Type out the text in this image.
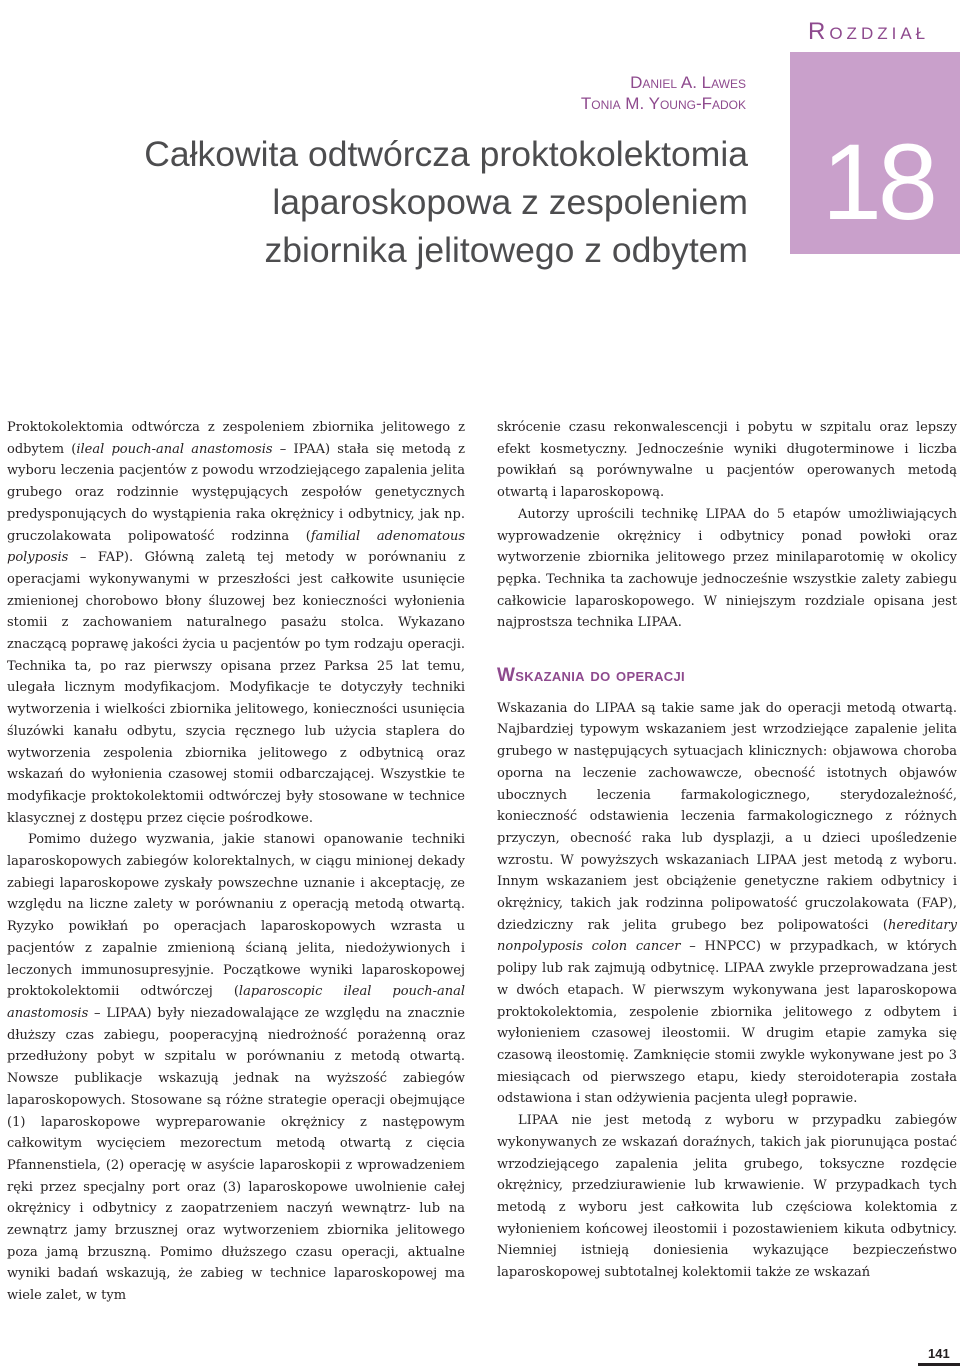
Rozdział
18
Daniel A. Lawes
Tonia M. Young-Fadok
Całkowita odtwórcza proktokolektomia
laparoskopowa z zespoleniem
zbiornika jelitowego z odbytem

Proktokolektomia odtwórcza z zespoleniem zbiornika jelitowego z odbytem (ileal pouch-anal anastomosis – IPAA) stała się metodą z wyboru leczenia pacjentów z powodu wrzodziejącego zapalenia jelita grubego oraz rodzinnie występujących zespołów genetycznych predysponujących do wystąpienia raka okrężnicy i odbytnicy, jak np. gruczolakowata polipowatość rodzinna (familial adenomatous polyposis – FAP). Główną zaletą tej metody w porównaniu z operacjami wykonywanymi w przeszłości jest całkowite usunięcie zmienionej chorobowo błony śluzowej bez konieczności wyłonienia stomii z zachowaniem naturalnego pasażu stolca. Wykazano znaczącą poprawę jakości życia u pacjentów po tym rodzaju operacji. Technika ta, po raz pierwszy opisana przez Parksa 25 lat temu, ulegała licznym modyfikacjom. Modyfikacje te dotyczyły techniki wytworzenia i wielkości zbiornika jelitowego, konieczności usunięcia śluzówki kanału odbytu, szycia ręcznego lub użycia staplera do wytworzenia zespolenia zbiornika jelitowego z odbytnicą oraz wskazań do wyłonienia czasowej stomii odbarczającej. Wszystkie te modyfikacje proktokolektomii odtwórczej były stosowane w technice klasycznej z dostępu przez cięcie pośrodkowe.

Pomimo dużego wyzwania, jakie stanowi opanowanie techniki laparoskopowych zabiegów kolorektalnych, w ciągu minionej dekady zabiegi laparoskopowe zyskały powszechne uznanie i akceptację, ze względu na liczne zalety w porównaniu z operacją metodą otwartą. Ryzyko powikłań po operacjach laparoskopowych wzrasta u pacjentów z zapalnie zmienioną ścianą jelita, niedożywionych i leczonych immunosupresyjnie. Początkowe wyniki laparoskopowej proktokolektomii odtwórczej (laparoscopic ileal pouch-anal anastomosis – LIPAA) były niezadowalające ze względu na znacznie dłuższy czas zabiegu, pooperacyjną niedrożność porażenną oraz przedłużony pobyt w szpitalu w porównaniu z metodą otwartą. Nowsze publikacje wskazują jednak na wyższość zabiegów laparoskopowych. Stosowane są różne strategie operacji obejmujące (1) laparoskopowe wypreparowanie okrężnicy z następowym całkowitym wycięciem mezorectum metodą otwartą z cięcia Pfannenstiela, (2) operację w asyście laparoskopii z wprowadzeniem ręki przez specjalny port oraz (3) laparoskopowe uwolnienie całej okrężnicy i odbytnicy z zaopatrzeniem naczyń wewnątrz- lub na zewnątrz jamy brzusznej oraz wytworzeniem zbiornika jelitowego poza jamą brzuszną. Pomimo dłuższego czasu operacji, aktualne wyniki badań wskazują, że zabieg w technice laparoskopowej ma wiele zalet, w tym

skrócenie czasu rekonwalescencji i pobytu w szpitalu oraz lepszy efekt kosmetyczny. Jednocześnie wyniki długoterminowe i liczba powikłań są porównywalne u pacjentów operowanych metodą otwartą i laparoskopową.

Autorzy uprościli technikę LIPAA do 5 etapów umożliwiających wyprowadzenie okrężnicy i odbytnicy ponad powłoki oraz wytworzenie zbiornika jelitowego przez minilaparotomię w okolicy pępka. Technika ta zachowuje jednocześnie wszystkie zalety zabiegu całkowicie laparoskopowego. W niniejszym rozdziale opisana jest najprostsza technika LIPAA.

Wskazania do operacji

Wskazania do LIPAA są takie same jak do operacji metodą otwartą. Najbardziej typowym wskazaniem jest wrzodziejące zapalenie jelita grubego w następujących sytuacjach klinicznych: objawowa choroba oporna na leczenie zachowawcze, obecność istotnych objawów ubocznych leczenia farmakologicznego, sterydozależność, konieczność odstawienia leczenia farmakologicznego z różnych przyczyn, obecność raka lub dysplazji, a u dzieci upośledzenie wzrostu. W powyższych wskazaniach LIPAA jest metodą z wyboru. Innym wskazaniem jest obciążenie genetyczne rakiem odbytnicy i okrężnicy, takich jak rodzinna polipowatość gruczolakowata (FAP), dziedziczny rak jelita grubego bez polipowatości (hereditary nonpolyposis colon cancer – HNPCC) w przypadkach, w których polipy lub rak zajmują odbytnicę. LIPAA zwykle przeprowadzana jest w dwóch etapach. W pierwszym wykonywana jest laparoskopowa proktokolektomia, zespolenie zbiornika jelitowego z odbytem i wyłonieniem czasowej ileostomii. W drugim etapie zamyka się czasową ileostomię. Zamknięcie stomii zwykle wykonywane jest po 3 miesiącach od pierwszego etapu, kiedy steroidoterapia została odstawiona i stan odżywienia pacjenta uległ poprawie.

LIPAA nie jest metodą z wyboru w przypadku zabiegów wykonywanych ze wskazań doraźnych, takich jak piorunująca postać wrzodziejącego zapalenia jelita grubego, toksyczne rozdęcie okrężnicy, przedziurawienie lub krwawienie. W przypadkach tych metodą z wyboru jest całkowita lub częściowa kolektomia z wyłonieniem końcowej ileostomii i pozostawieniem kikuta odbytnicy. Niemniej istnieją doniesienia wykazujące bezpieczeństwo laparoskopowej subtotalnej kolektomii także ze wskazań

141
